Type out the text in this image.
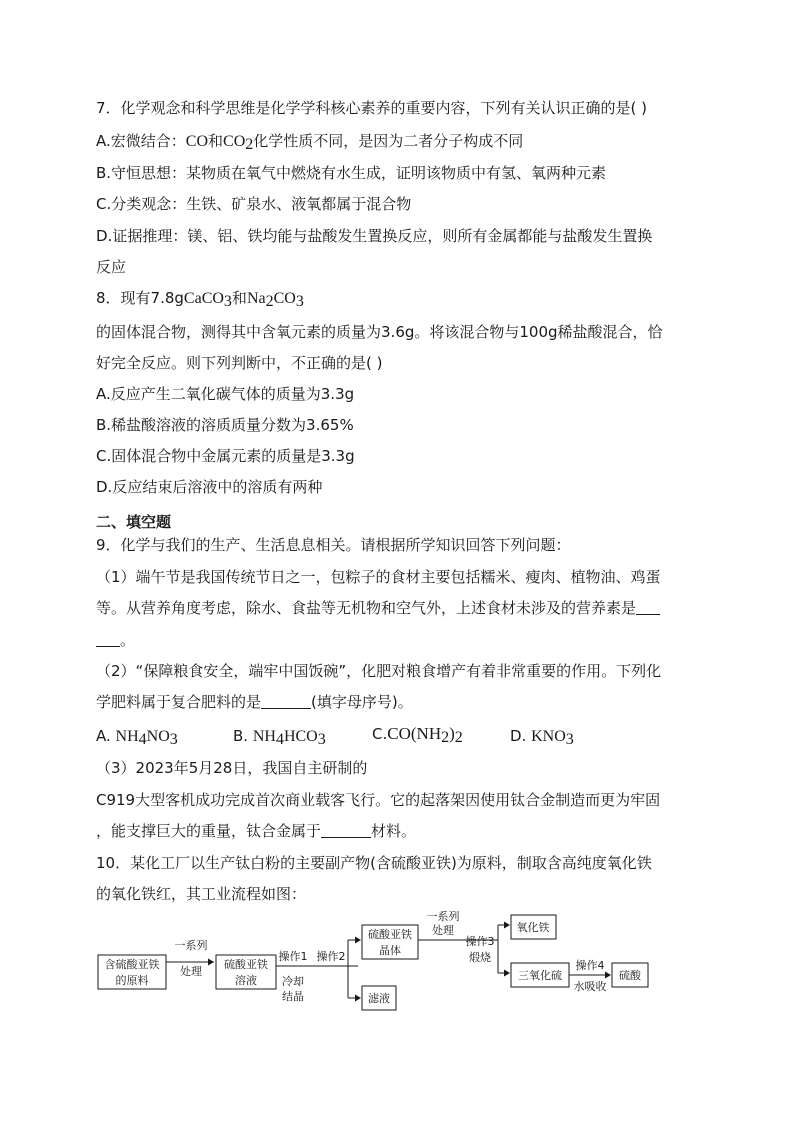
7．化学观念和科学思维是化学学科核心素养的重要内容，下列有关认识正确的是( )
A.宏微结合：CO和$CO_2$化学性质不同，是因为二者分子构成不同
B.守恒思想：某物质在氧气中燃烧有水生成，证明该物质中有氢、氧两种元素
C.分类观念：生铁、矿泉水、液氧都属于混合物
D.证据推理：镁、铝、铁均能与盐酸发生置换反应，则所有金属都能与盐酸发生置换
反应
8．现有7.8gCaCO$_3$和$Na_2CO_3$
的固体混合物，测得其中含氧元素的质量为3.6g。将该混合物与100g稀盐酸混合，恰
好完全反应。则下列判断中，不正确的是( )
A.反应产生二氧化碳气体的质量为3.3g
B.稀盐酸溶液的溶质质量分数为3.65%
C.固体混合物中金属元素的质量是3.3g
D.反应结束后溶液中的溶质有两种
二、填空题
9．化学与我们的生产、生活息息相关。请根据所学知识回答下列问题：
（1）端午节是我国传统节日之一，包粽子的食材主要包括糯米、瘦肉、植物油、鸡蛋
等。从营养角度考虑，除水、食盐等无机物和空气外，上述食材未涉及的营养素是
。
（2）“保障粮食安全，端牢中国饭碗”，化肥对粮食增产有着非常重要的作用。下列化
学肥料属于复合肥料的是	(填字母序号)。
A. $NH_4NO_3$	B. $NH_4HCO_3$	$C.CO(NH_2)_2$	D. $KNO_3$
（3）2023年5月28日，我国自主研制的
C919大型客机成功完成首次商业载客飞行。它的起落架因使用钛合金制造而更为牢固
，能支撑巨大的重量，钛合金属于	材料。
10．某化工厂以生产钛白粉的主要副产物(含硫酸亚铁)为原料，制取含高纯度氧化铁
的氧化铁红，其工业流程如图：
含硫酸亚铁
的原料
一系列
处理
硫酸亚铁
溶液
操作1
冷却
结晶
操作2
硫酸亚铁
晶体
滤液
一系列
处理
操作3
煅烧
氧化铁
三氧化硫
操作4
水吸收
硫酸
